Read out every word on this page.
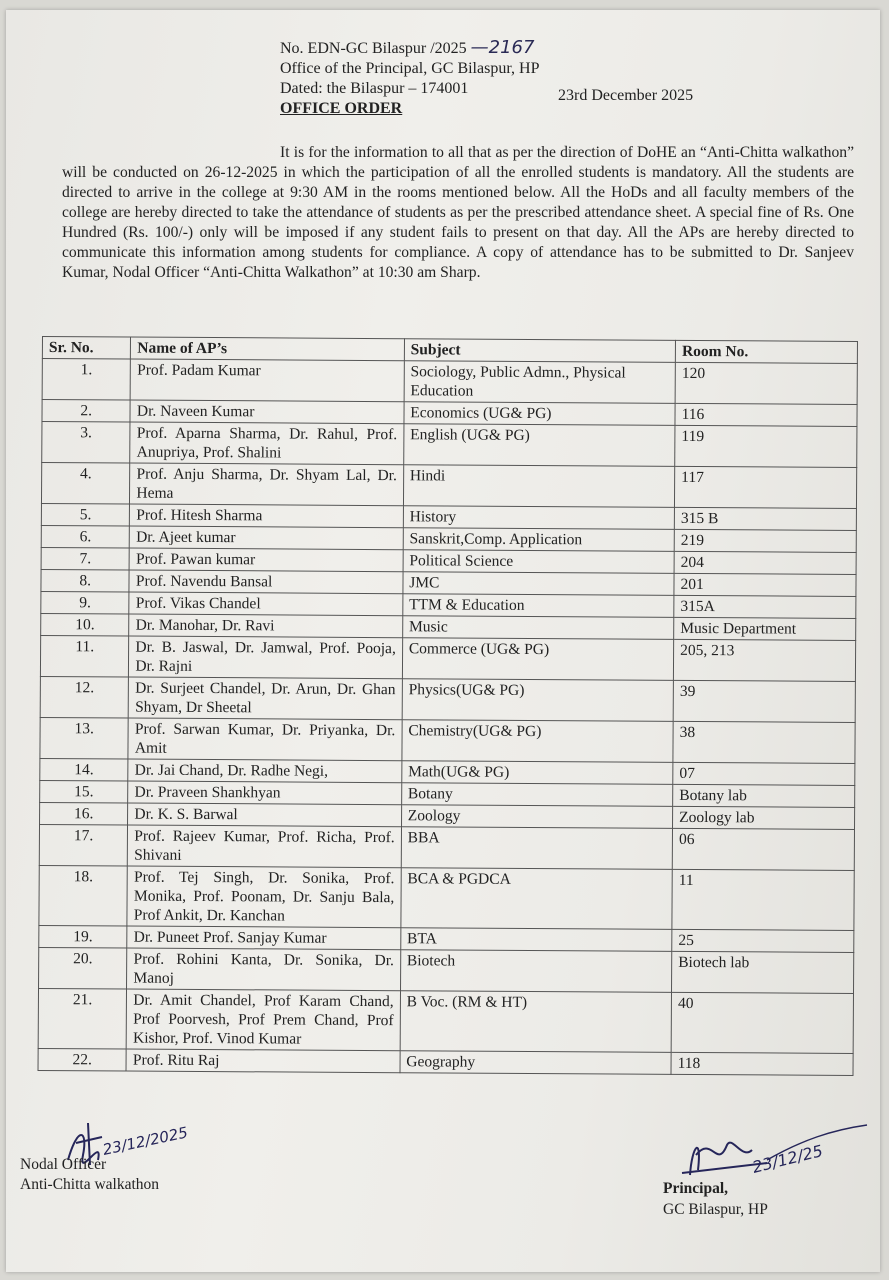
No. EDN-GC Bilaspur /2025 —2167
Office of the Principal, GC Bilaspur, HP
Dated: the Bilaspur – 174001	23rd December 2025
OFFICE ORDER
It is for the information to all that as per the direction of DoHE an “Anti-Chitta walkathon” will be conducted on 26-12-2025 in which the participation of all the enrolled students is mandatory. All the students are directed to arrive in the college at 9:30 AM in the rooms mentioned below. All the HoDs and all faculty members of the college are hereby directed to take the attendance of students as per the prescribed attendance sheet. A special fine of Rs. One Hundred (Rs. 100/-) only will be imposed if any student fails to present on that day. All the APs are hereby directed to communicate this information among students for compliance. A copy of attendance has to be submitted to Dr. Sanjeev Kumar, Nodal Officer “Anti-Chitta Walkathon” at 10:30 am Sharp.
Sr. No.	Name of AP’s	Subject	Room No.
1.	Prof. Padam Kumar	Sociology, Public Admn., Physical Education	120
2.	Dr. Naveen Kumar	Economics (UG& PG)	116
3.	Prof. Aparna Sharma, Dr. Rahul, Prof. Anupriya, Prof. Shalini	English (UG& PG)	119
4.	Prof. Anju Sharma, Dr. Shyam Lal, Dr. Hema	Hindi	117
5.	Prof. Hitesh Sharma	History	315 B
6.	Dr. Ajeet kumar	Sanskrit,Comp. Application	219
7.	Prof. Pawan kumar	Political Science	204
8.	Prof. Navendu Bansal	JMC	201
9.	Prof. Vikas Chandel	TTM & Education	315A
10.	Dr. Manohar, Dr. Ravi	Music	Music Department
11.	Dr. B. Jaswal, Dr. Jamwal, Prof. Pooja, Dr. Rajni	Commerce (UG& PG)	205, 213
12.	Dr. Surjeet Chandel, Dr. Arun, Dr. Ghan Shyam, Dr Sheetal	Physics(UG& PG)	39
13.	Prof. Sarwan Kumar, Dr. Priyanka, Dr. Amit	Chemistry(UG& PG)	38
14.	Dr. Jai Chand, Dr. Radhe Negi,	Math(UG& PG)	07
15.	Dr. Praveen Shankhyan	Botany	Botany lab
16.	Dr. K. S. Barwal	Zoology	Zoology lab
17.	Prof. Rajeev Kumar, Prof. Richa, Prof. Shivani	BBA	06
18.	Prof. Tej Singh, Dr. Sonika, Prof. Monika, Prof. Poonam, Dr. Sanju Bala, Prof Ankit, Dr. Kanchan	BCA & PGDCA	11
19.	Dr. Puneet Prof. Sanjay Kumar	BTA	25
20.	Prof. Rohini Kanta, Dr. Sonika, Dr. Manoj	Biotech	Biotech lab
21.	Dr. Amit Chandel, Prof Karam Chand, Prof Poorvesh, Prof Prem Chand, Prof Kishor, Prof. Vinod Kumar	B Voc. (RM & HT)	40
22.	Prof. Ritu Raj	Geography	118
23/12/2025
Nodal Officer
Anti-Chitta walkathon
23/12/25
Principal,
GC Bilaspur, HP
